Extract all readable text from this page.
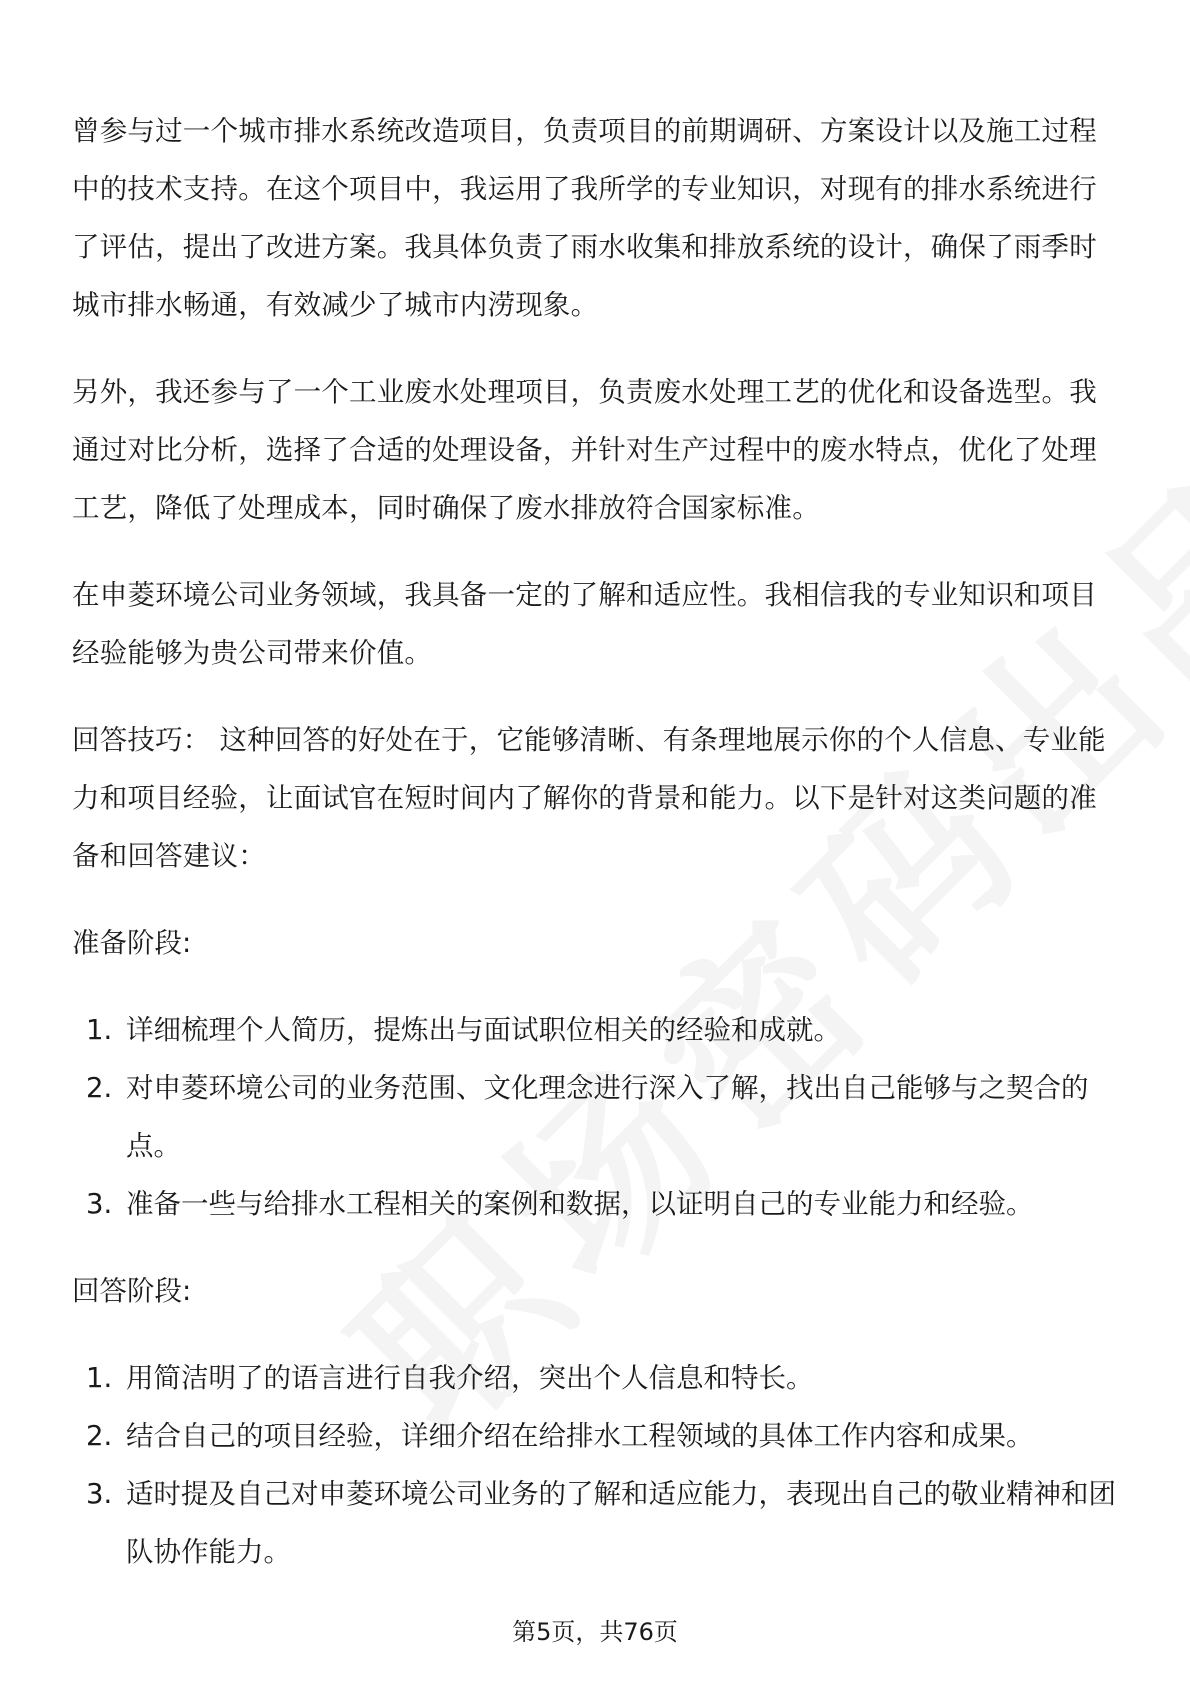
曾参与过一个城市排水系统改造项目，负责项目的前期调研、方案设计以及施工过程中的技术支持。在这个项目中，我运用了我所学的专业知识，对现有的排水系统进行了评估，提出了改进方案。我具体负责了雨水收集和排放系统的设计，确保了雨季时城市排水畅通，有效减少了城市内涝现象。

另外，我还参与了一个工业废水处理项目，负责废水处理工艺的优化和设备选型。我通过对比分析，选择了合适的处理设备，并针对生产过程中的废水特点，优化了处理工艺，降低了处理成本，同时确保了废水排放符合国家标准。

在申菱环境公司业务领域，我具备一定的了解和适应性。我相信我的专业知识和项目经验能够为贵公司带来价值。

回答技巧： 这种回答的好处在于，它能够清晰、有条理地展示你的个人信息、专业能力和项目经验，让面试官在短时间内了解你的背景和能力。以下是针对这类问题的准备和回答建议：

准备阶段:
1. 详细梳理个人简历，提炼出与面试职位相关的经验和成就。
2. 对申菱环境公司的业务范围、文化理念进行深入了解，找出自己能够与之契合的点。
3. 准备一些与给排水工程相关的案例和数据，以证明自己的专业能力和经验。
回答阶段:
1. 用简洁明了的语言进行自我介绍，突出个人信息和特长。
2. 结合自己的项目经验，详细介绍在给排水工程领域的具体工作内容和成果。
3. 适时提及自己对申菱环境公司业务的了解和适应能力，表现出自己的敬业精神和团队协作能力。
第5页，共76页
